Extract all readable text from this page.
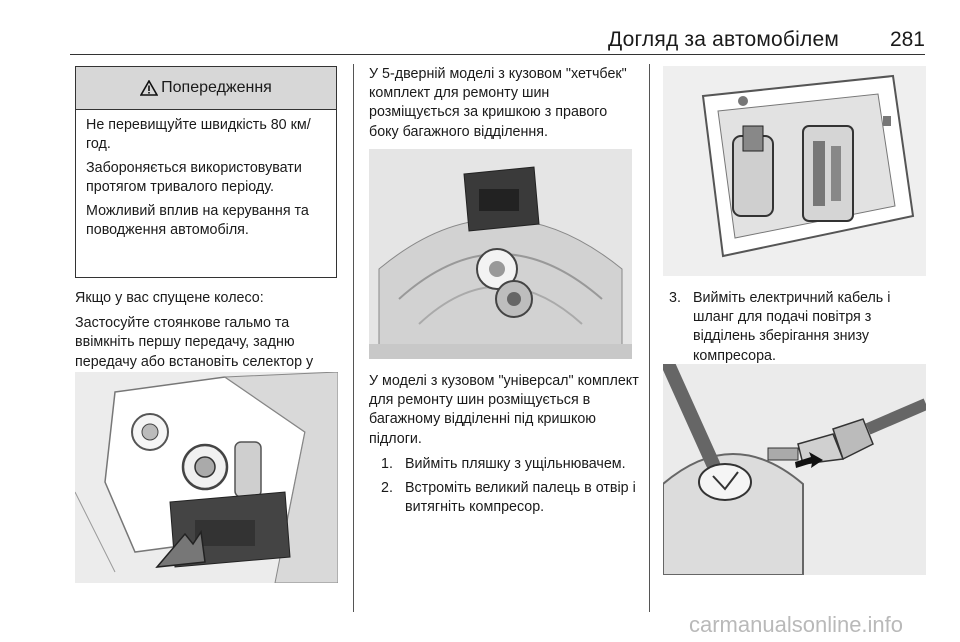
Догляд за автомобілем 281
Попередження

Не перевищуйте швидкість 80 км/год.

Забороняється використовувати протягом тривалого періоду.

Можливий вплив на керування та поводження автомобіля.

Якщо у вас спущене колесо:

Застосуйте стоянкове гальмо та ввімкніть першу передачу, задню передачу або встановіть селектор у

У 5-дверній моделі з кузовом "хетчбек" комплект для ремонту шин розміщується за кришкою з правого боку багажного відділення.

У моделі з кузовом "універсал" комплект для ремонту шин розміщується в багажному відділенні під кришкою підлоги.

1. Вийміть пляшку з ущільнювачем.
2. Встроміть великий палець в отвір і витягніть компресор.
3. Вийміть електричний кабель і шланг для подачі повітря з відділень зберігання знизу компресора.
carmanualsonline.info
